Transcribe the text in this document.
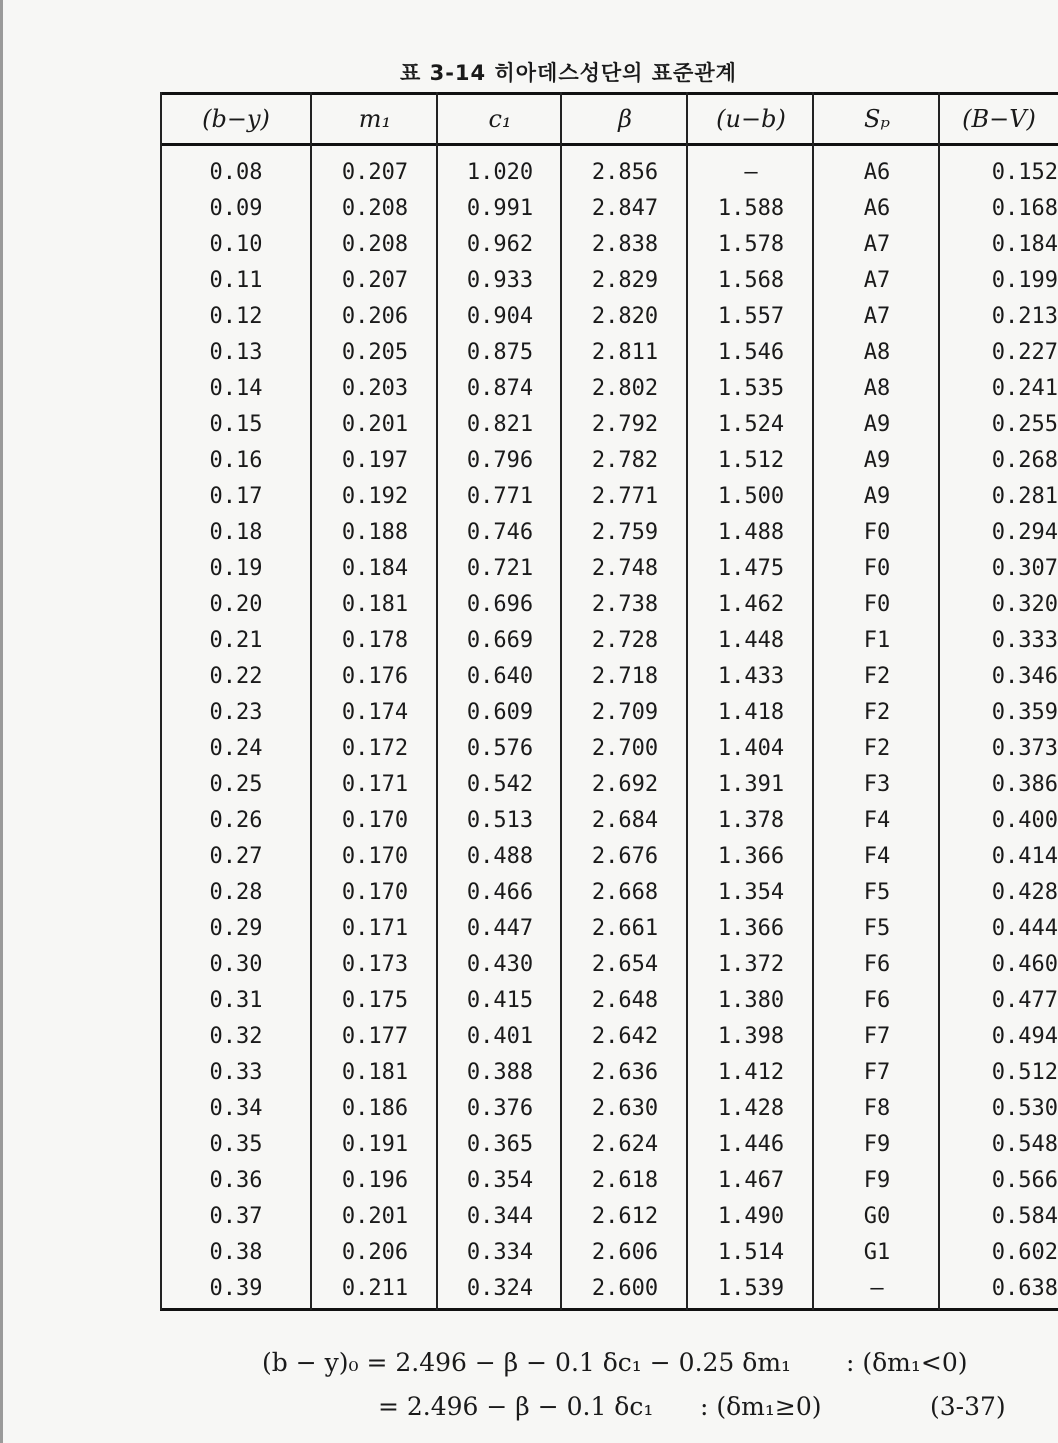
표 3-14 히아데스성단의 표준관계
(b−y)	m₁	c₁	β	(u−b)	Sₚ	(B−V)
0.08	0.207	1.020	2.856	—	A6	0.152
0.09	0.208	0.991	2.847	1.588	A6	0.168
0.10	0.208	0.962	2.838	1.578	A7	0.184
0.11	0.207	0.933	2.829	1.568	A7	0.199
0.12	0.206	0.904	2.820	1.557	A7	0.213
0.13	0.205	0.875	2.811	1.546	A8	0.227
0.14	0.203	0.874	2.802	1.535	A8	0.241
0.15	0.201	0.821	2.792	1.524	A9	0.255
0.16	0.197	0.796	2.782	1.512	A9	0.268
0.17	0.192	0.771	2.771	1.500	A9	0.281
0.18	0.188	0.746	2.759	1.488	F0	0.294
0.19	0.184	0.721	2.748	1.475	F0	0.307
0.20	0.181	0.696	2.738	1.462	F0	0.320
0.21	0.178	0.669	2.728	1.448	F1	0.333
0.22	0.176	0.640	2.718	1.433	F2	0.346
0.23	0.174	0.609	2.709	1.418	F2	0.359
0.24	0.172	0.576	2.700	1.404	F2	0.373
0.25	0.171	0.542	2.692	1.391	F3	0.386
0.26	0.170	0.513	2.684	1.378	F4	0.400
0.27	0.170	0.488	2.676	1.366	F4	0.414
0.28	0.170	0.466	2.668	1.354	F5	0.428
0.29	0.171	0.447	2.661	1.366	F5	0.444
0.30	0.173	0.430	2.654	1.372	F6	0.460
0.31	0.175	0.415	2.648	1.380	F6	0.477
0.32	0.177	0.401	2.642	1.398	F7	0.494
0.33	0.181	0.388	2.636	1.412	F7	0.512
0.34	0.186	0.376	2.630	1.428	F8	0.530
0.35	0.191	0.365	2.624	1.446	F9	0.548
0.36	0.196	0.354	2.618	1.467	F9	0.566
0.37	0.201	0.344	2.612	1.490	G0	0.584
0.38	0.206	0.334	2.606	1.514	G1	0.602
0.39	0.211	0.324	2.600	1.539	—	0.638
(b − y)₀ = 2.496 − β − 0.1 δc₁ − 0.25 δm₁ : (δm₁<0)
= 2.496 − β − 0.1 δc₁ : (δm₁≥0)	(3-37)
